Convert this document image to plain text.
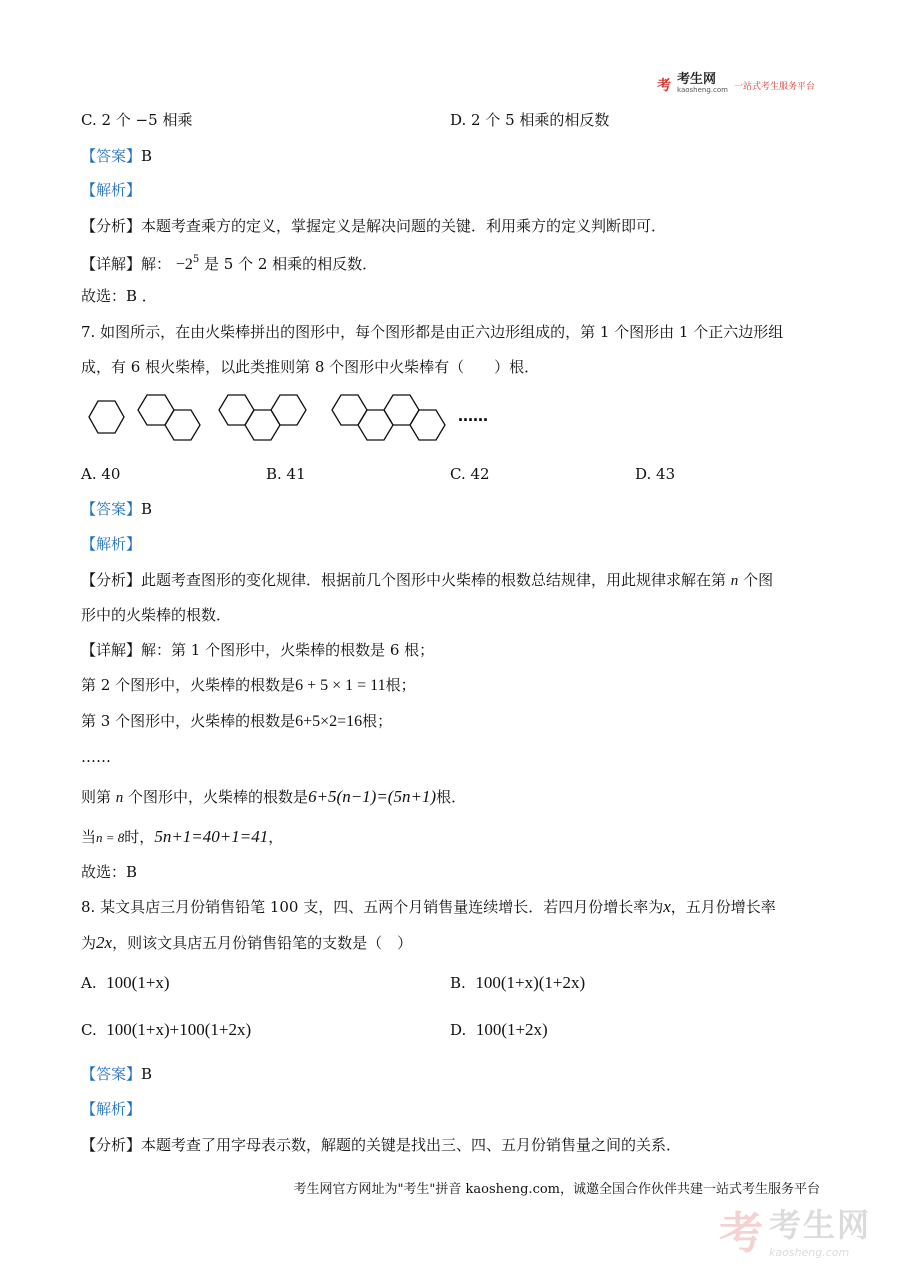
考 考生网
kaosheng.com 一站式考生服务平台
C. 2 个 −5 相乘	D. 2 个 5 相乘的相反数
【答案】B
【解析】
【分析】本题考查乘方的定义，掌握定义是解决问题的关键．利用乘方的定义判断即可．
【详解】解： $-2^5$ 是 5 个 2 相乘的相反数．
故选：B ．
7. 如图所示，在由火柴棒拼出的图形中，每个图形都是由正六边形组成的，第 1 个图形由 1 个正六边形组
成，有 6 根火柴棒，以此类推则第 8 个图形中火柴棒有（　　）根．
……
A. 40	B. 41	C. 42	D. 43
【答案】B
【解析】
【分析】此题考查图形的变化规律．根据前几个图形中火柴棒的根数总结规律，用此规律求解在第 n 个图
形中的火柴棒的根数．
【详解】解：第 1 个图形中，火柴棒的根数是 6 根；
第 2 个图形中，火柴棒的根数是6 + 5 × 1 = 11根；
第 3 个图形中，火柴棒的根数是6+5×2=16根；
……
则第 n 个图形中，火柴棒的根数是6+5(n−1)=(5n+1)根．
当n = 8时，5n+1=40+1=41，
故选：B
8. 某文具店三月份销售铅笔 100 支，四、五两个月销售量连续增长．若四月份增长率为x，五月份增长率
为2x，则该文具店五月份销售铅笔的支数是（　）
A. 100(1+x)	B. 100(1+x)(1+2x)
C. 100(1+x)+100(1+2x)	D. 100(1+2x)
【答案】B
【解析】
【分析】本题考查了用字母表示数，解题的关键是找出三、四、五月份销售量之间的关系．
考生网官方网址为"考生"拼音 kaosheng.com，诚邀全国合作伙伴共建一站式考生服务平台
考 考生网
kaosheng.com
